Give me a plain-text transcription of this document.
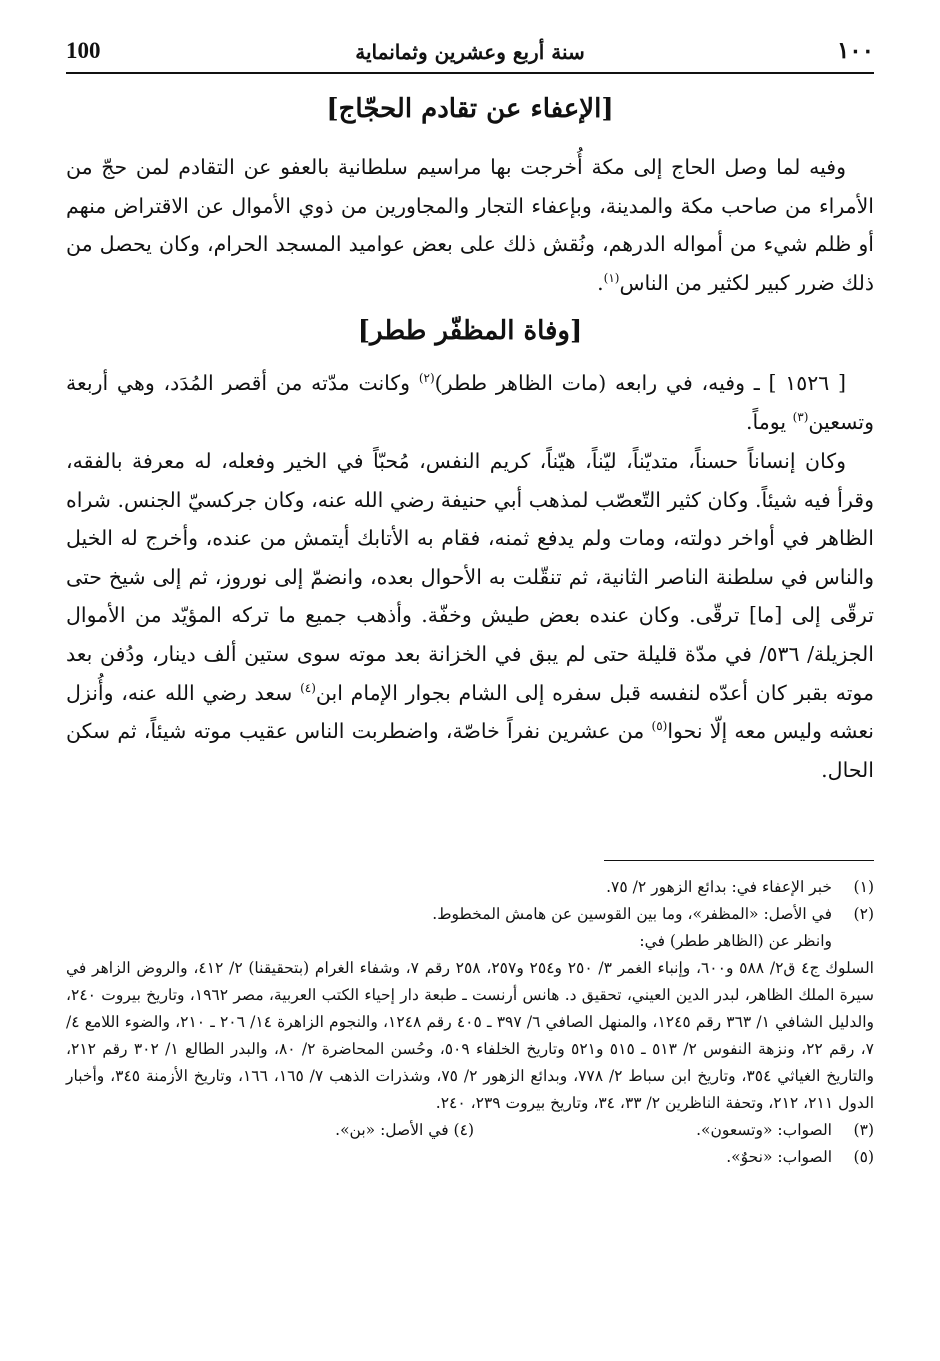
100	سنة أربع وعشرين وثمانماية	١٠٠
[الإعفاء عن تقادم الحجّاج]
وفيه لما وصل الحاج إلى مكة أُخرجت بها مراسيم سلطانية بالعفو عن التقادم لمن حجّ من الأمراء من صاحب مكة والمدينة، وبإعفاء التجار والمجاورين من ذوي الأموال عن الاقتراض منهم أو ظلم شيء من أمواله الدرهم، ونُقش ذلك على بعض عواميد المسجد الحرام، وكان يحصل من ذلك ضرر كبير لكثير من الناس$^{(١)}$.
[وفاة المظفّر ططر]
[ ١٥٢٦ ] ـ وفيه، في رابعه (مات الظاهر ططر)$^{(٢)}$ وكانت مدّته من أقصر المُدَد، وهي أربعة وتسعين$^{(٣)}$ يوماً.
وكان إنساناً حسناً، متديّناً، ليّناً، هيّناً، كريم النفس، مُحبّاً في الخير وفعله، له معرفة بالفقه، وقرأ فيه شيئاً. وكان كثير التّعصّب لمذهب أبي حنيفة رضي الله عنه، وكان جركسيّ الجنس. شراه الظاهر في أواخر دولته، ومات ولم يدفع ثمنه، فقام به الأتابك أيتمش من عنده، وأخرج له الخيل والناس في سلطنة الناصر الثانية، ثم تنقّلت به الأحوال بعده، وانضمّ إلى نوروز، ثم إلى شيخ حتى ترقّى إلى [ما] ترقّى. وكان عنده بعض طيش وخفّة. وأذهب جميع ما تركه المؤيّد من الأموال الجزيلة/ ٥٣٦/ في مدّة قليلة حتى لم يبق في الخزانة بعد موته سوى ستين ألف دينار، ودُفن بعد موته بقبر كان أعدّه لنفسه قبل سفره إلى الشام بجوار الإمام ابن$^{(٤)}$ سعد رضي الله عنه، وأُنزل نعشه وليس معه إلّا نحوا$^{(٥)}$ من عشرين نفراً خاصّة، واضطربت الناس عقيب موته شيئاً، ثم سكن الحال.
(١)
خبر الإعفاء في: بدائع الزهور ٢/ ٧٥.
(٢)
في الأصل: «المظفر»، وما بين القوسين عن هامش المخطوط.
وانظر عن (الظاهر ططر) في:
السلوك ج٤ ق٢/ ٥٨٨ و٦٠٠، وإنباء الغمر ٣/ ٢٥٠ و٢٥٤ و٢٥٧، ٢٥٨ رقم ٧، وشفاء الغرام (بتحقيقنا) ٢/ ٤١٢، والروض الزاهر في سيرة الملك الظاهر، لبدر الدين العيني، تحقيق د. هانس أرنست ـ طبعة دار إحياء الكتب العربية، مصر ١٩٦٢، وتاريخ بيروت ٢٤٠، والدليل الشافي ١/ ٣٦٣ رقم ١٢٤٥، والمنهل الصافي ٦/ ٣٩٧ ـ ٤٠٥ رقم ١٢٤٨، والنجوم الزاهرة ١٤/ ٢٠٦ ـ ٢١٠، والضوء اللامع ٤/ ٧، رقم ٢٢، ونزهة النفوس ٢/ ٥١٣ ـ ٥١٥ و٥٢١ وتاريخ الخلفاء ٥٠٩، وحُسن المحاضرة ٢/ ٨٠، والبدر الطالع ١/ ٣٠٢ رقم ٢١٢، والتاريخ الغياثي ٣٥٤، وتاريخ ابن سباط ٢/ ٧٧٨، وبدائع الزهور ٢/ ٧٥، وشذرات الذهب ٧/ ١٦٥، ١٦٦، وتاريخ الأزمنة ٣٤٥، وأخبار الدول ٢١١، ٢١٢، وتحفة الناظرين ٢/ ٣٣، ٣٤، وتاريخ بيروت ٢٣٩، ٢٤٠.
(٣)
الصواب: «وتسعون».
(٤) في الأصل: «بن».
(٥)
الصواب: «نحوٌ».
